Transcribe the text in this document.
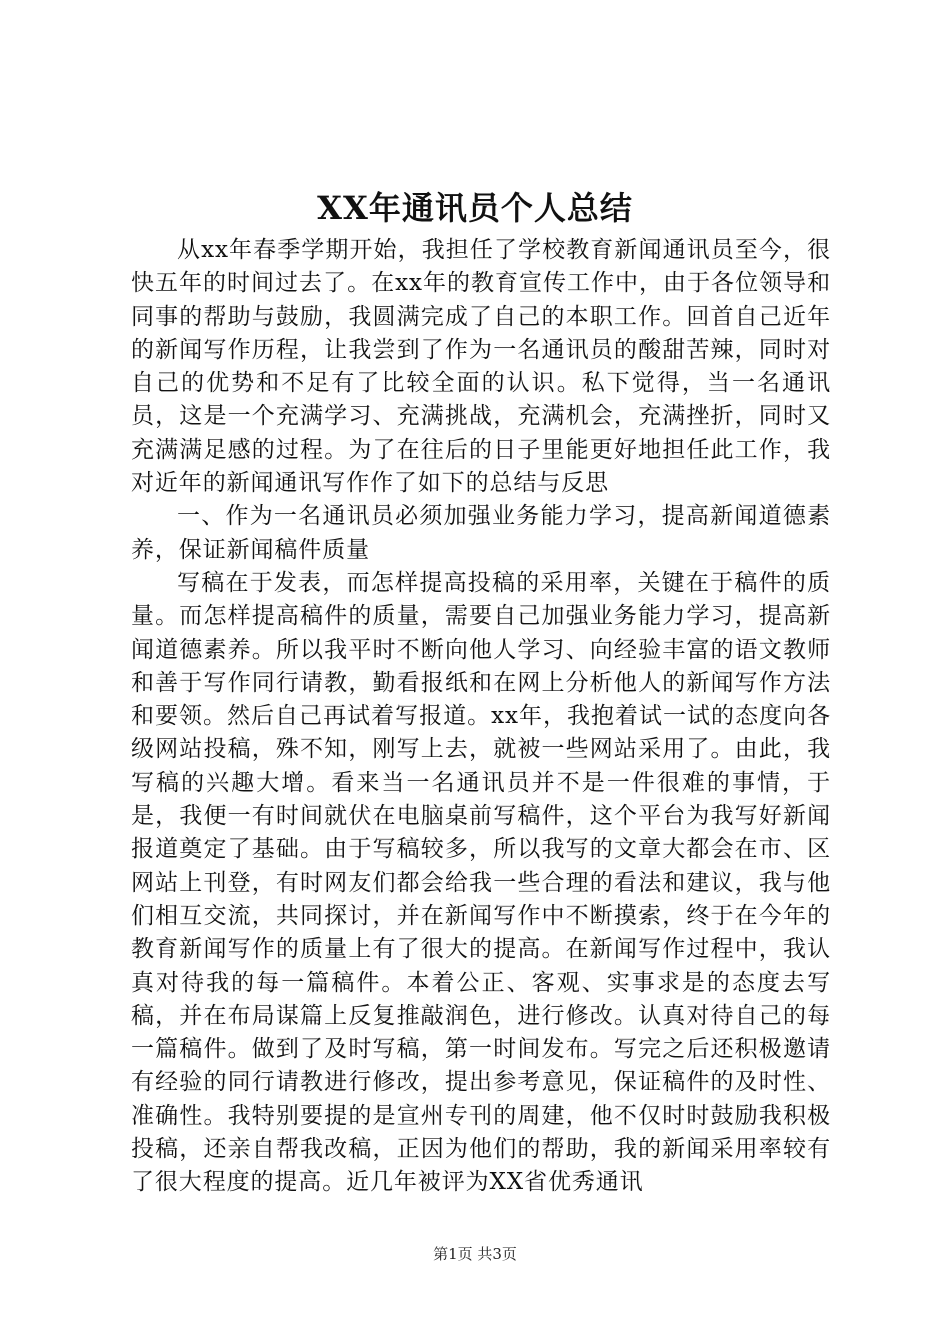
XX年通讯员个人总结

从xx年春季学期开始，我担任了学校教育新闻通讯员至今，很快五年的时间过去了。在xx年的教育宣传工作中，由于各位领导和同事的帮助与鼓励，我圆满完成了自己的本职工作。回首自己近年的新闻写作历程，让我尝到了作为一名通讯员的酸甜苦辣，同时对自己的优势和不足有了比较全面的认识。私下觉得，当一名通讯员，这是一个充满学习、充满挑战，充满机会，充满挫折，同时又充满满足感的过程。为了在往后的日子里能更好地担任此工作，我对近年的新闻通讯写作作了如下的总结与反思

一、作为一名通讯员必须加强业务能力学习，提高新闻道德素养，保证新闻稿件质量

写稿在于发表，而怎样提高投稿的采用率，关键在于稿件的质量。而怎样提高稿件的质量，需要自己加强业务能力学习，提高新闻道德素养。所以我平时不断向他人学习、向经验丰富的语文教师和善于写作同行请教，勤看报纸和在网上分析他人的新闻写作方法和要领。然后自己再试着写报道。xx年，我抱着试一试的态度向各级网站投稿，殊不知，刚写上去，就被一些网站采用了。由此，我写稿的兴趣大增。看来当一名通讯员并不是一件很难的事情，于是，我便一有时间就伏在电脑桌前写稿件，这个平台为我写好新闻报道奠定了基础。由于写稿较多，所以我写的文章大都会在市、区网站上刊登，有时网友们都会给我一些合理的看法和建议，我与他们相互交流，共同探讨，并在新闻写作中不断摸索，终于在今年的教育新闻写作的质量上有了很大的提高。在新闻写作过程中，我认真对待我的每一篇稿件。本着公正、客观、实事求是的态度去写稿，并在布局谋篇上反复推敲润色，进行修改。认真对待自己的每一篇稿件。做到了及时写稿，第一时间发布。写完之后还积极邀请有经验的同行请教进行修改，提出参考意见，保证稿件的及时性、准确性。我特别要提的是宣州专刊的周建，他不仅时时鼓励我积极投稿，还亲自帮我改稿，正因为他们的帮助，我的新闻采用率较有了很大程度的提高。近几年被评为XX省优秀通讯

第1页 共3页
